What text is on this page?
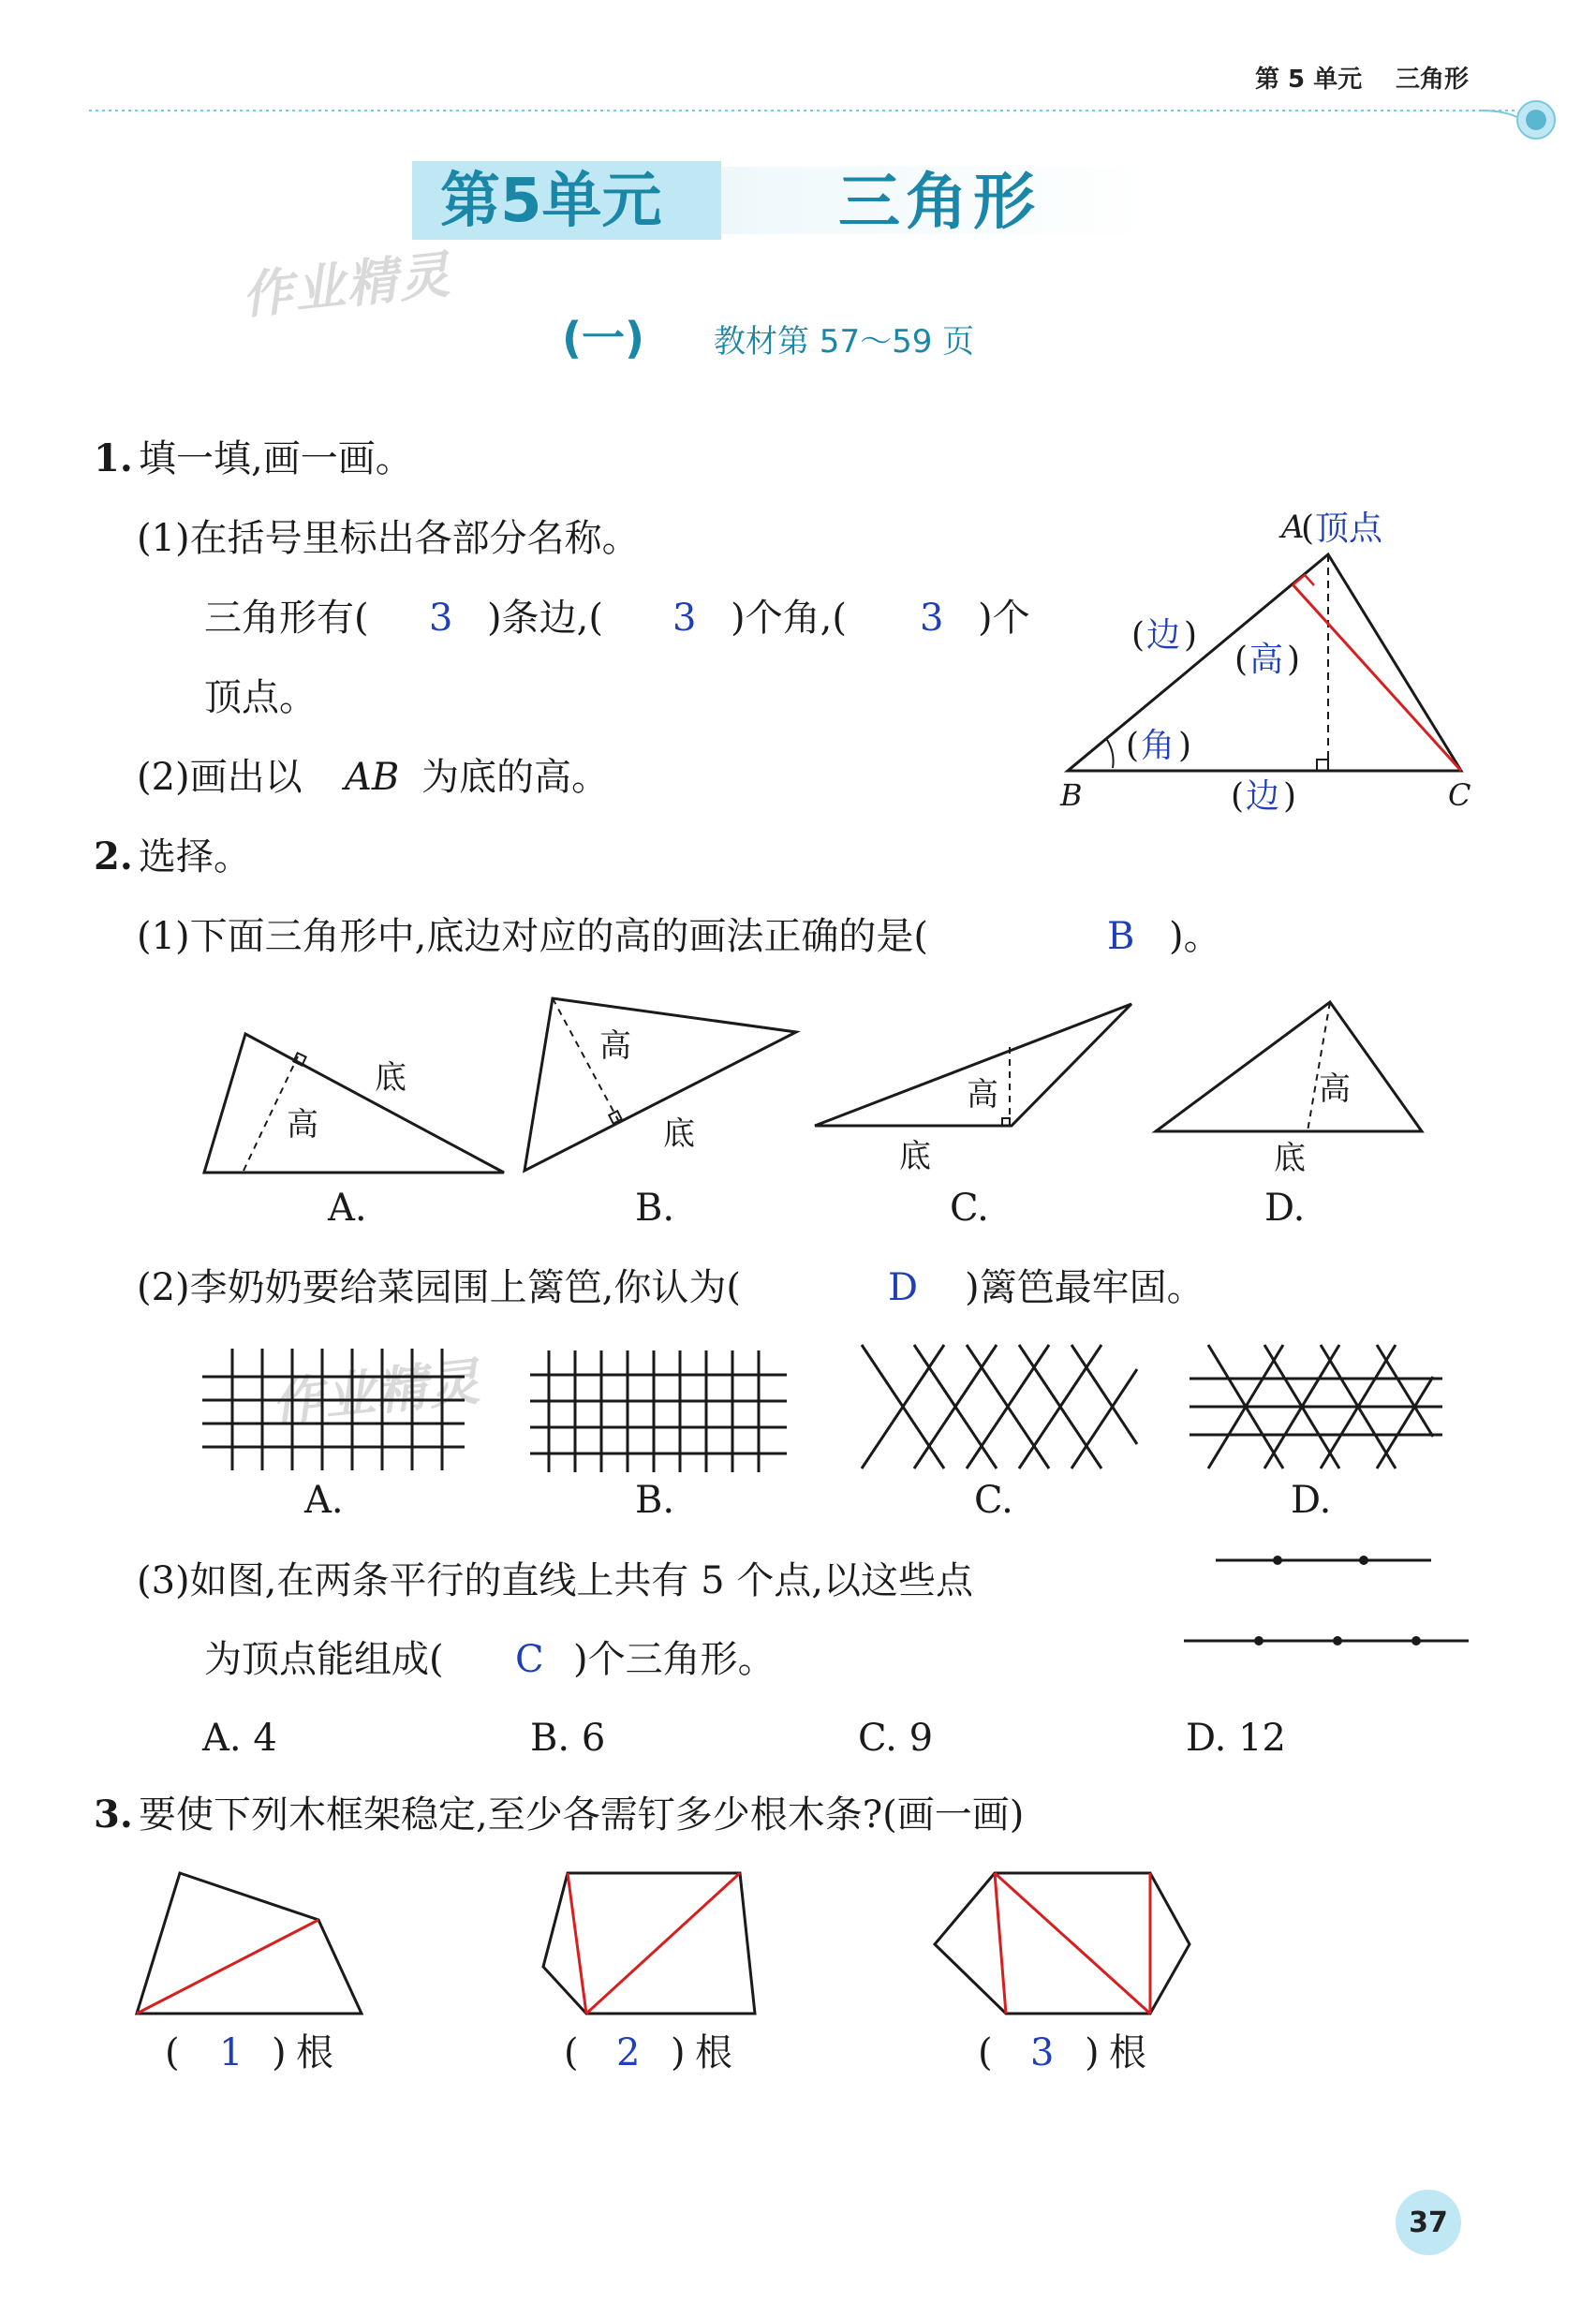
第 5 单元 三角形
第5单元	三角形
作业精灵
作业精灵
(一) 教材第 57～59 页
1. 填一填,画一画。
(1)在括号里标出各部分名称。
三角形有( 3 )条边,( 3 )个角,( 3 )个
顶点。
(2)画出以 AB 为底的高。
A
( 顶点
B	C
( 边 )
( 高 )
( 角 )
( 边 )
2. 选择。
(1)下面三角形中,底边对应的高的画法正确的是(	B )。
底
高
高
底
高
底
高
底
A.	B.	C.	D.
(2)李奶奶要给菜园围上篱笆,你认为(	D )篱笆最牢固。
A.	B.	C.	D.
(3)如图,在两条平行的直线上共有 5 个点,以这些点
为顶点能组成( C )个三角形。
A. 4	B. 6	C. 9	D. 12
3. 要使下列木框架稳定,至少各需钉多少根木条?(画一画)
( 1 ) 根	( 2 ) 根	( 3 ) 根
37
